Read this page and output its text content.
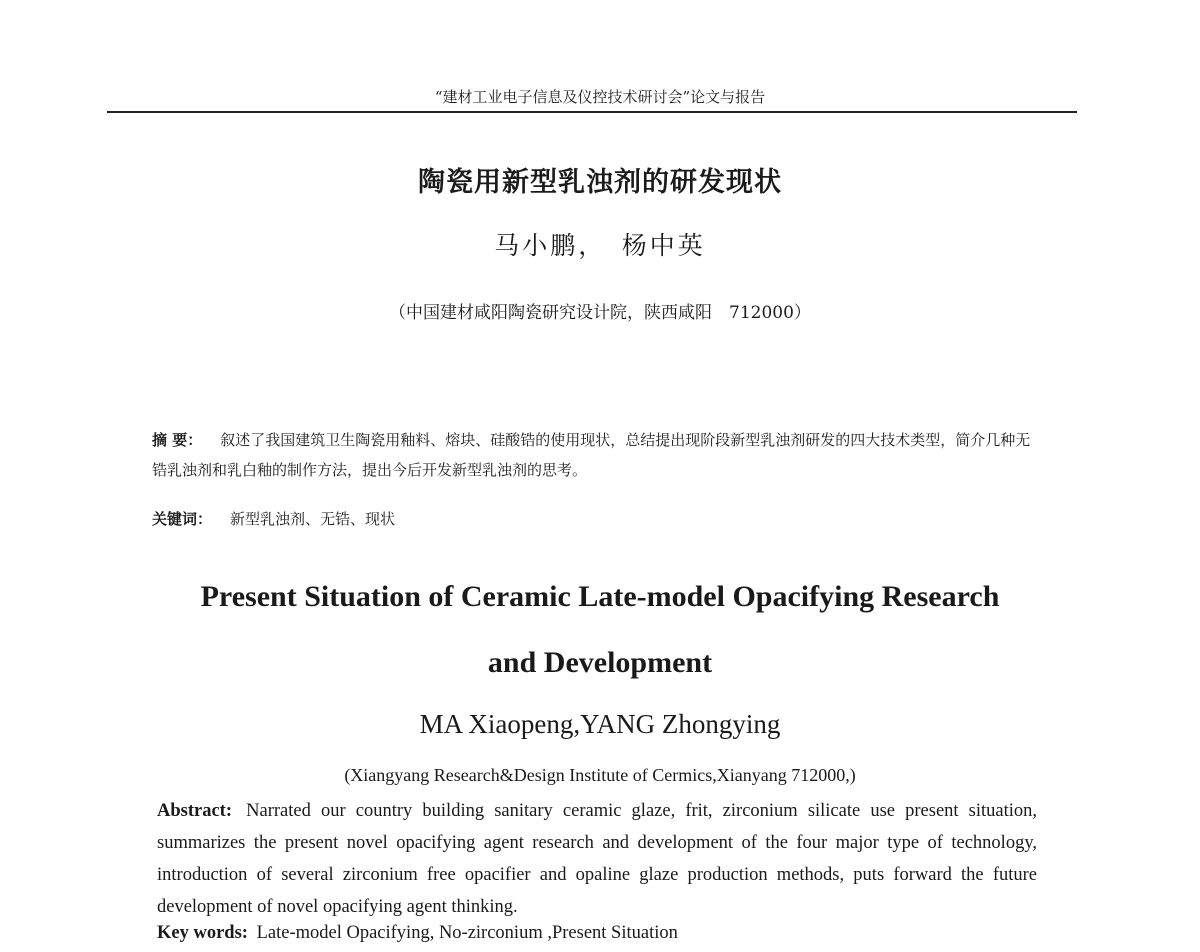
“建材工业电子信息及仪控技术研讨会”论文与报告
陶瓷用新型乳浊剂的研发现状
马小鹏，　杨中英
（中国建材咸阳陶瓷研究设计院，陕西咸阳　712000）
摘 要： 叙述了我国建筑卫生陶瓷用釉料、熔块、硅酸锆的使用现状，总结提出现阶段新型乳浊剂研发的四大技术类型，简介几种无锆乳浊剂和乳白釉的制作方法，提出今后开发新型乳浊剂的思考。
关键词： 新型乳浊剂、无锆、现状
Present Situation of Ceramic Late-model Opacifying Research
and Development
MA Xiaopeng,YANG Zhongying
(Xiangyang Research&Design Institute of Cermics,Xianyang 712000,)
Abstract: Narrated our country building sanitary ceramic glaze, frit, zirconium silicate use present situation, summarizes the present novel opacifying agent research and development of the four major type of technology, introduction of several zirconium free opacifier and opaline glaze production methods, puts forward the future development of novel opacifying agent thinking.
Key words: Late-model Opacifying, No-zirconium ,Present Situation
